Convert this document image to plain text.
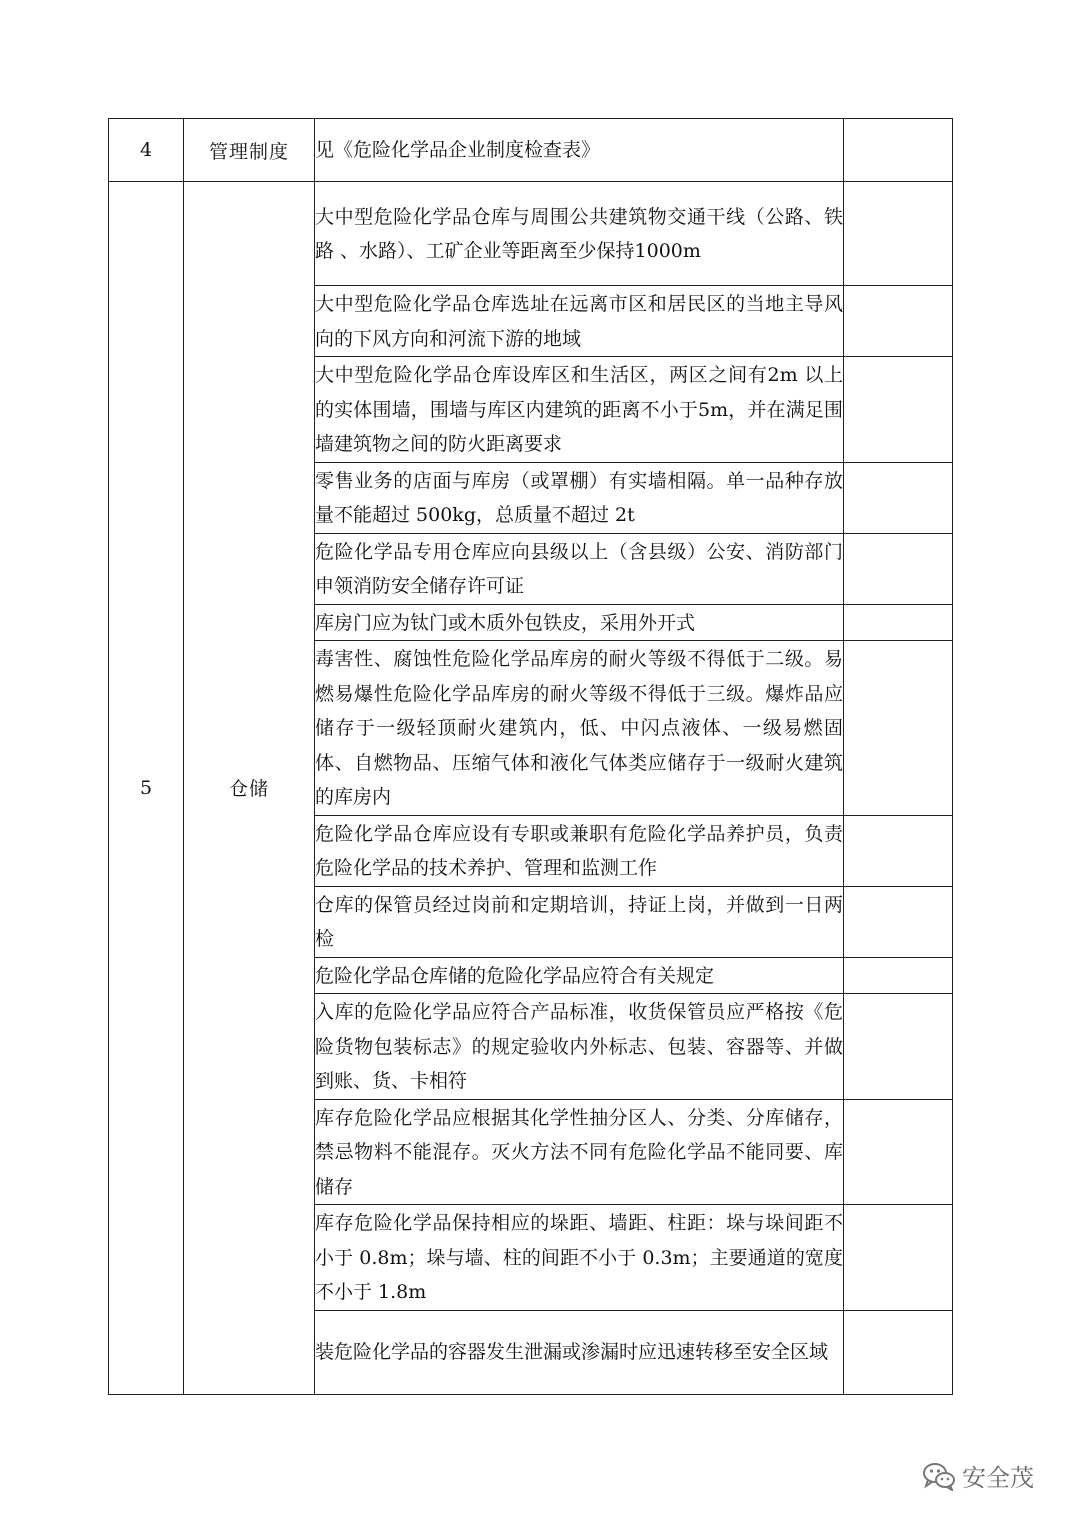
4	管理制度	见《危险化学品企业制度检查表》	

5	仓储	大中型危险化学品仓库与周围公共建筑物交通干线（公路、铁路 、水路）、工矿企业等距离至少保持1000m	

		大中型危险化学品仓库选址在远离市区和居民区的当地主导风向的下风方向和河流下游的地域	

		大中型危险化学品仓库设库区和生活区，两区之间有2m 以上的实体围墙，围墙与库区内建筑的距离不小于5m，并在满足围墙建筑物之间的防火距离要求	

		零售业务的店面与库房（或罩棚）有实墙相隔。单一品种存放量不能超过 500kg，总质量不超过 2t	

		危险化学品专用仓库应向县级以上（含县级）公安、消防部门申领消防安全储存许可证	

		库房门应为钛门或木质外包铁皮，采用外开式	

		毒害性、腐蚀性危险化学品库房的耐火等级不得低于二级。易燃易爆性危险化学品库房的耐火等级不得低于三级。爆炸品应储存于一级轻顶耐火建筑内，低、中闪点液体、一级易燃固体、自燃物品、压缩气体和液化气体类应储存于一级耐火建筑的库房内	

		危险化学品仓库应设有专职或兼职有危险化学品养护员，负责危险化学品的技术养护、管理和监测工作	

		仓库的保管员经过岗前和定期培训，持证上岗，并做到一日两检	

		危险化学品仓库储的危险化学品应符合有关规定	

		入库的危险化学品应符合产品标准，收货保管员应严格按《危险货物包装标志》的规定验收内外标志、包装、容器等、并做到账、货、卡相符	

		库存危险化学品应根据其化学性抽分区人、分类、分库储存，禁忌物料不能混存。灭火方法不同有危险化学品不能同要、库储存	

		库存危险化学品保持相应的垛距、墙距、柱距：垛与垛间距不小于 0.8m；垛与墙、柱的间距不小于 0.3m；主要通道的宽度不小于 1.8m	

		装危险化学品的容器发生泄漏或渗漏时应迅速转移至安全区域	

安全茂
